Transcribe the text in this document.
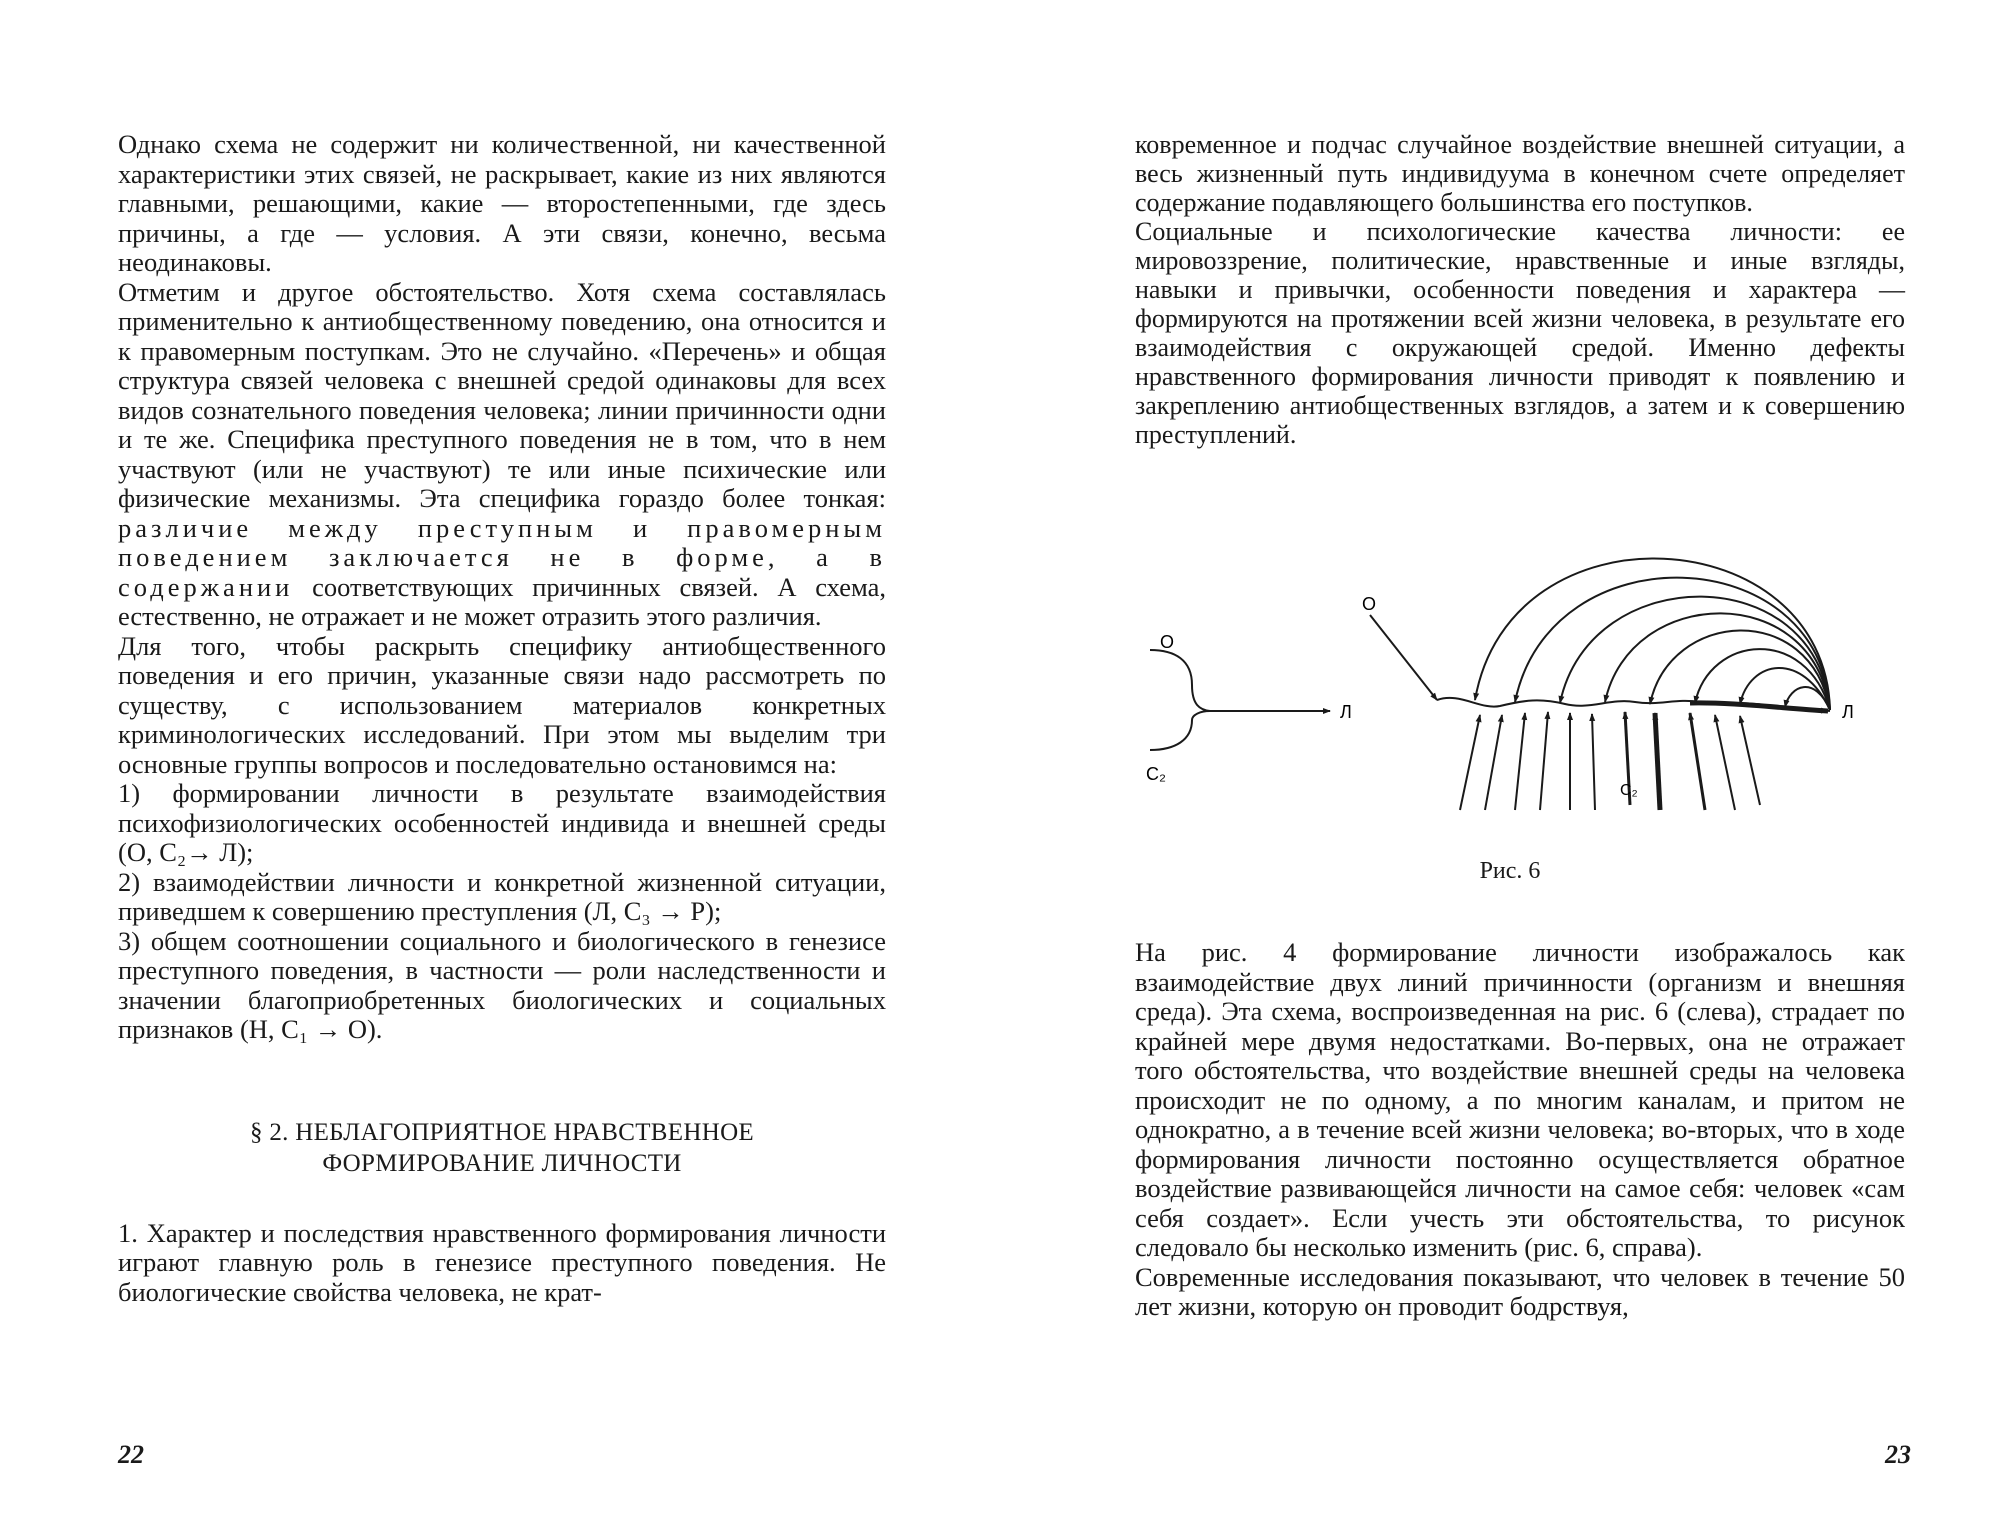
Однако схема не содержит ни количественной, ни качественной характеристики этих связей, не раскрывает, какие из них являются главными, решающими, какие — второстепенными, где здесь причины, а где — условия. А эти связи, конечно, весьма неодинаковы.

Отметим и другое обстоятельство. Хотя схема составлялась применительно к антиобщественному поведению, она относится и к правомерным поступкам. Это не случайно. «Перечень» и общая структура связей человека с внешней средой одинаковы для всех видов сознательного поведения человека; линии причинности одни и те же. Специфика преступного поведения не в том, что в нем участвуют (или не участвуют) те или иные психические или физические механизмы. Эта специфика гораздо более тонкая: различие между преступным и правомерным поведением заключается не в форме, а в содержании соответствующих причинных связей. А схема, естественно, не отражает и не может отразить этого различия.

Для того, чтобы раскрыть специфику антиобщественного поведения и его причин, указанные связи надо рассмотреть по существу, с использованием материалов конкретных криминологических исследований. При этом мы выделим три основные группы вопросов и последовательно остановимся на:

1) формировании личности в результате взаимодействия психофизиологических особенностей индивида и внешней среды (О, C₂→ Л);

2) взаимодействии личности и конкретной жизненной ситуации, приведшем к совершению преступления (Л, C₃ → Р);

3) общем соотношении социального и биологического в генезисе преступного поведения, в частности — роли наследственности и значении благоприобретенных биологических и социальных признаков (Н, C₁ → О).

§ 2. НЕБЛАГОПРИЯТНОЕ НРАВСТВЕННОЕ
ФОРМИРОВАНИЕ ЛИЧНОСТИ

1. Характер и последствия нравственного формирования личности играют главную роль в генезисе преступного поведения. Не биологические свойства человека, не крат-

22

ковременное и подчас случайное воздействие внешней ситуации, а весь жизненный путь индивидуума в конечном счете определяет содержание подавляющего большинства его поступков.

Социальные и психологические качества личности: ее мировоззрение, политические, нравственные и иные взгляды, навыки и привычки, особенности поведения и характера — формируются на протяжении всей жизни человека, в результате его взаимодействия с окружающей средой. Именно дефекты нравственного формирования личности приводят к появлению и закреплению антиобщественных взглядов, а затем и к совершению преступлений.

О
С₂
Л
О
С₂
Л
Рис. 6

На рис. 4 формирование личности изображалось как взаимодействие двух линий причинности (организм и внешняя среда). Эта схема, воспроизведенная на рис. 6 (слева), страдает по крайней мере двумя недостатками. Во-первых, она не отражает того обстоятельства, что воздействие внешней среды на человека происходит не по одному, а по многим каналам, и притом не однократно, а в течение всей жизни человека; во-вторых, что в ходе формирования личности постоянно осуществляется обратное воздействие развивающейся личности на самое себя: человек «сам себя создает». Если учесть эти обстоятельства, то рисунок следовало бы несколько изменить (рис. 6, справа).

Современные исследования показывают, что человек в течение 50 лет жизни, которую он проводит бодрствуя,

23
